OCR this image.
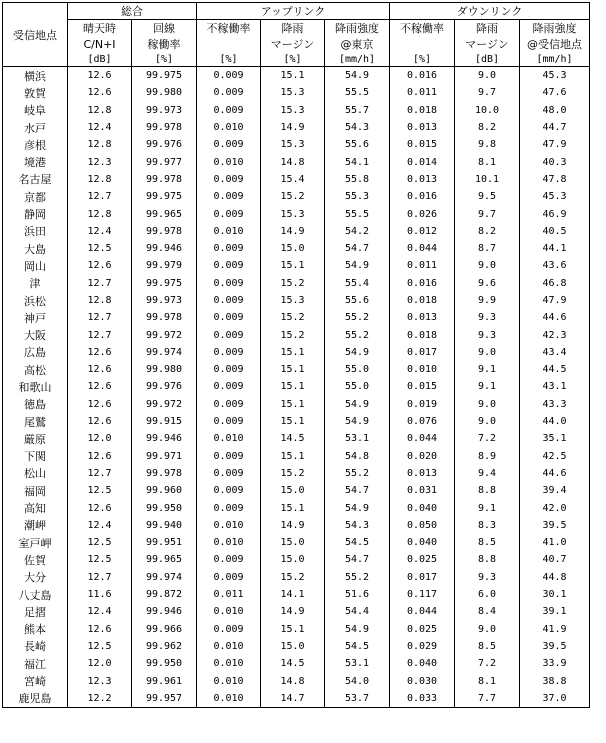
受信地点	総合		アップリンク			ダウンリンク		
	晴天時	回線	不稼働率	降雨	降雨強度	不稼働率	降雨	降雨強度
	C/N+I	稼働率		マージン	@東京		マージン	@受信地点
	[dB]	[%]	[%]	[%]	[mm/h]	[%]	[dB]	[mm/h]
横浜	12.6	99.975	0.009	15.1	54.9	0.016	9.0	45.3
敦賀	12.6	99.980	0.009	15.3	55.5	0.011	9.7	47.6
岐阜	12.8	99.973	0.009	15.3	55.7	0.018	10.0	48.0
水戸	12.4	99.978	0.010	14.9	54.3	0.013	8.2	44.7
彦根	12.8	99.976	0.009	15.3	55.6	0.015	9.8	47.9
境港	12.3	99.977	0.010	14.8	54.1	0.014	8.1	40.3
名古屋	12.8	99.978	0.009	15.4	55.8	0.013	10.1	47.8
京都	12.7	99.975	0.009	15.2	55.3	0.016	9.5	45.3
静岡	12.8	99.965	0.009	15.3	55.5	0.026	9.7	46.9
浜田	12.4	99.978	0.010	14.9	54.2	0.012	8.2	40.5
大島	12.5	99.946	0.009	15.0	54.7	0.044	8.7	44.1
岡山	12.6	99.979	0.009	15.1	54.9	0.011	9.0	43.6
津	12.7	99.975	0.009	15.2	55.4	0.016	9.6	46.8
浜松	12.8	99.973	0.009	15.3	55.6	0.018	9.9	47.9
神戸	12.7	99.978	0.009	15.2	55.2	0.013	9.3	44.6
大阪	12.7	99.972	0.009	15.2	55.2	0.018	9.3	42.3
広島	12.6	99.974	0.009	15.1	54.9	0.017	9.0	43.4
高松	12.6	99.980	0.009	15.1	55.0	0.010	9.1	44.5
和歌山	12.6	99.976	0.009	15.1	55.0	0.015	9.1	43.1
徳島	12.6	99.972	0.009	15.1	54.9	0.019	9.0	43.3
尾鷲	12.6	99.915	0.009	15.1	54.9	0.076	9.0	44.0
厳原	12.0	99.946	0.010	14.5	53.1	0.044	7.2	35.1
下関	12.6	99.971	0.009	15.1	54.8	0.020	8.9	42.5
松山	12.7	99.978	0.009	15.2	55.2	0.013	9.4	44.6
福岡	12.5	99.960	0.009	15.0	54.7	0.031	8.8	39.4
高知	12.6	99.950	0.009	15.1	54.9	0.040	9.1	42.0
潮岬	12.4	99.940	0.010	14.9	54.3	0.050	8.3	39.5
室戸岬	12.5	99.951	0.010	15.0	54.5	0.040	8.5	41.0
佐賀	12.5	99.965	0.009	15.0	54.7	0.025	8.8	40.7
大分	12.7	99.974	0.009	15.2	55.2	0.017	9.3	44.8
八丈島	11.6	99.872	0.011	14.1	51.6	0.117	6.0	30.1
足摺	12.4	99.946	0.010	14.9	54.4	0.044	8.4	39.1
熊本	12.6	99.966	0.009	15.1	54.9	0.025	9.0	41.9
長崎	12.5	99.962	0.010	15.0	54.5	0.029	8.5	39.5
福江	12.0	99.950	0.010	14.5	53.1	0.040	7.2	33.9
宮崎	12.3	99.961	0.010	14.8	54.0	0.030	8.1	38.8
鹿児島	12.2	99.957	0.010	14.7	53.7	0.033	7.7	37.0
